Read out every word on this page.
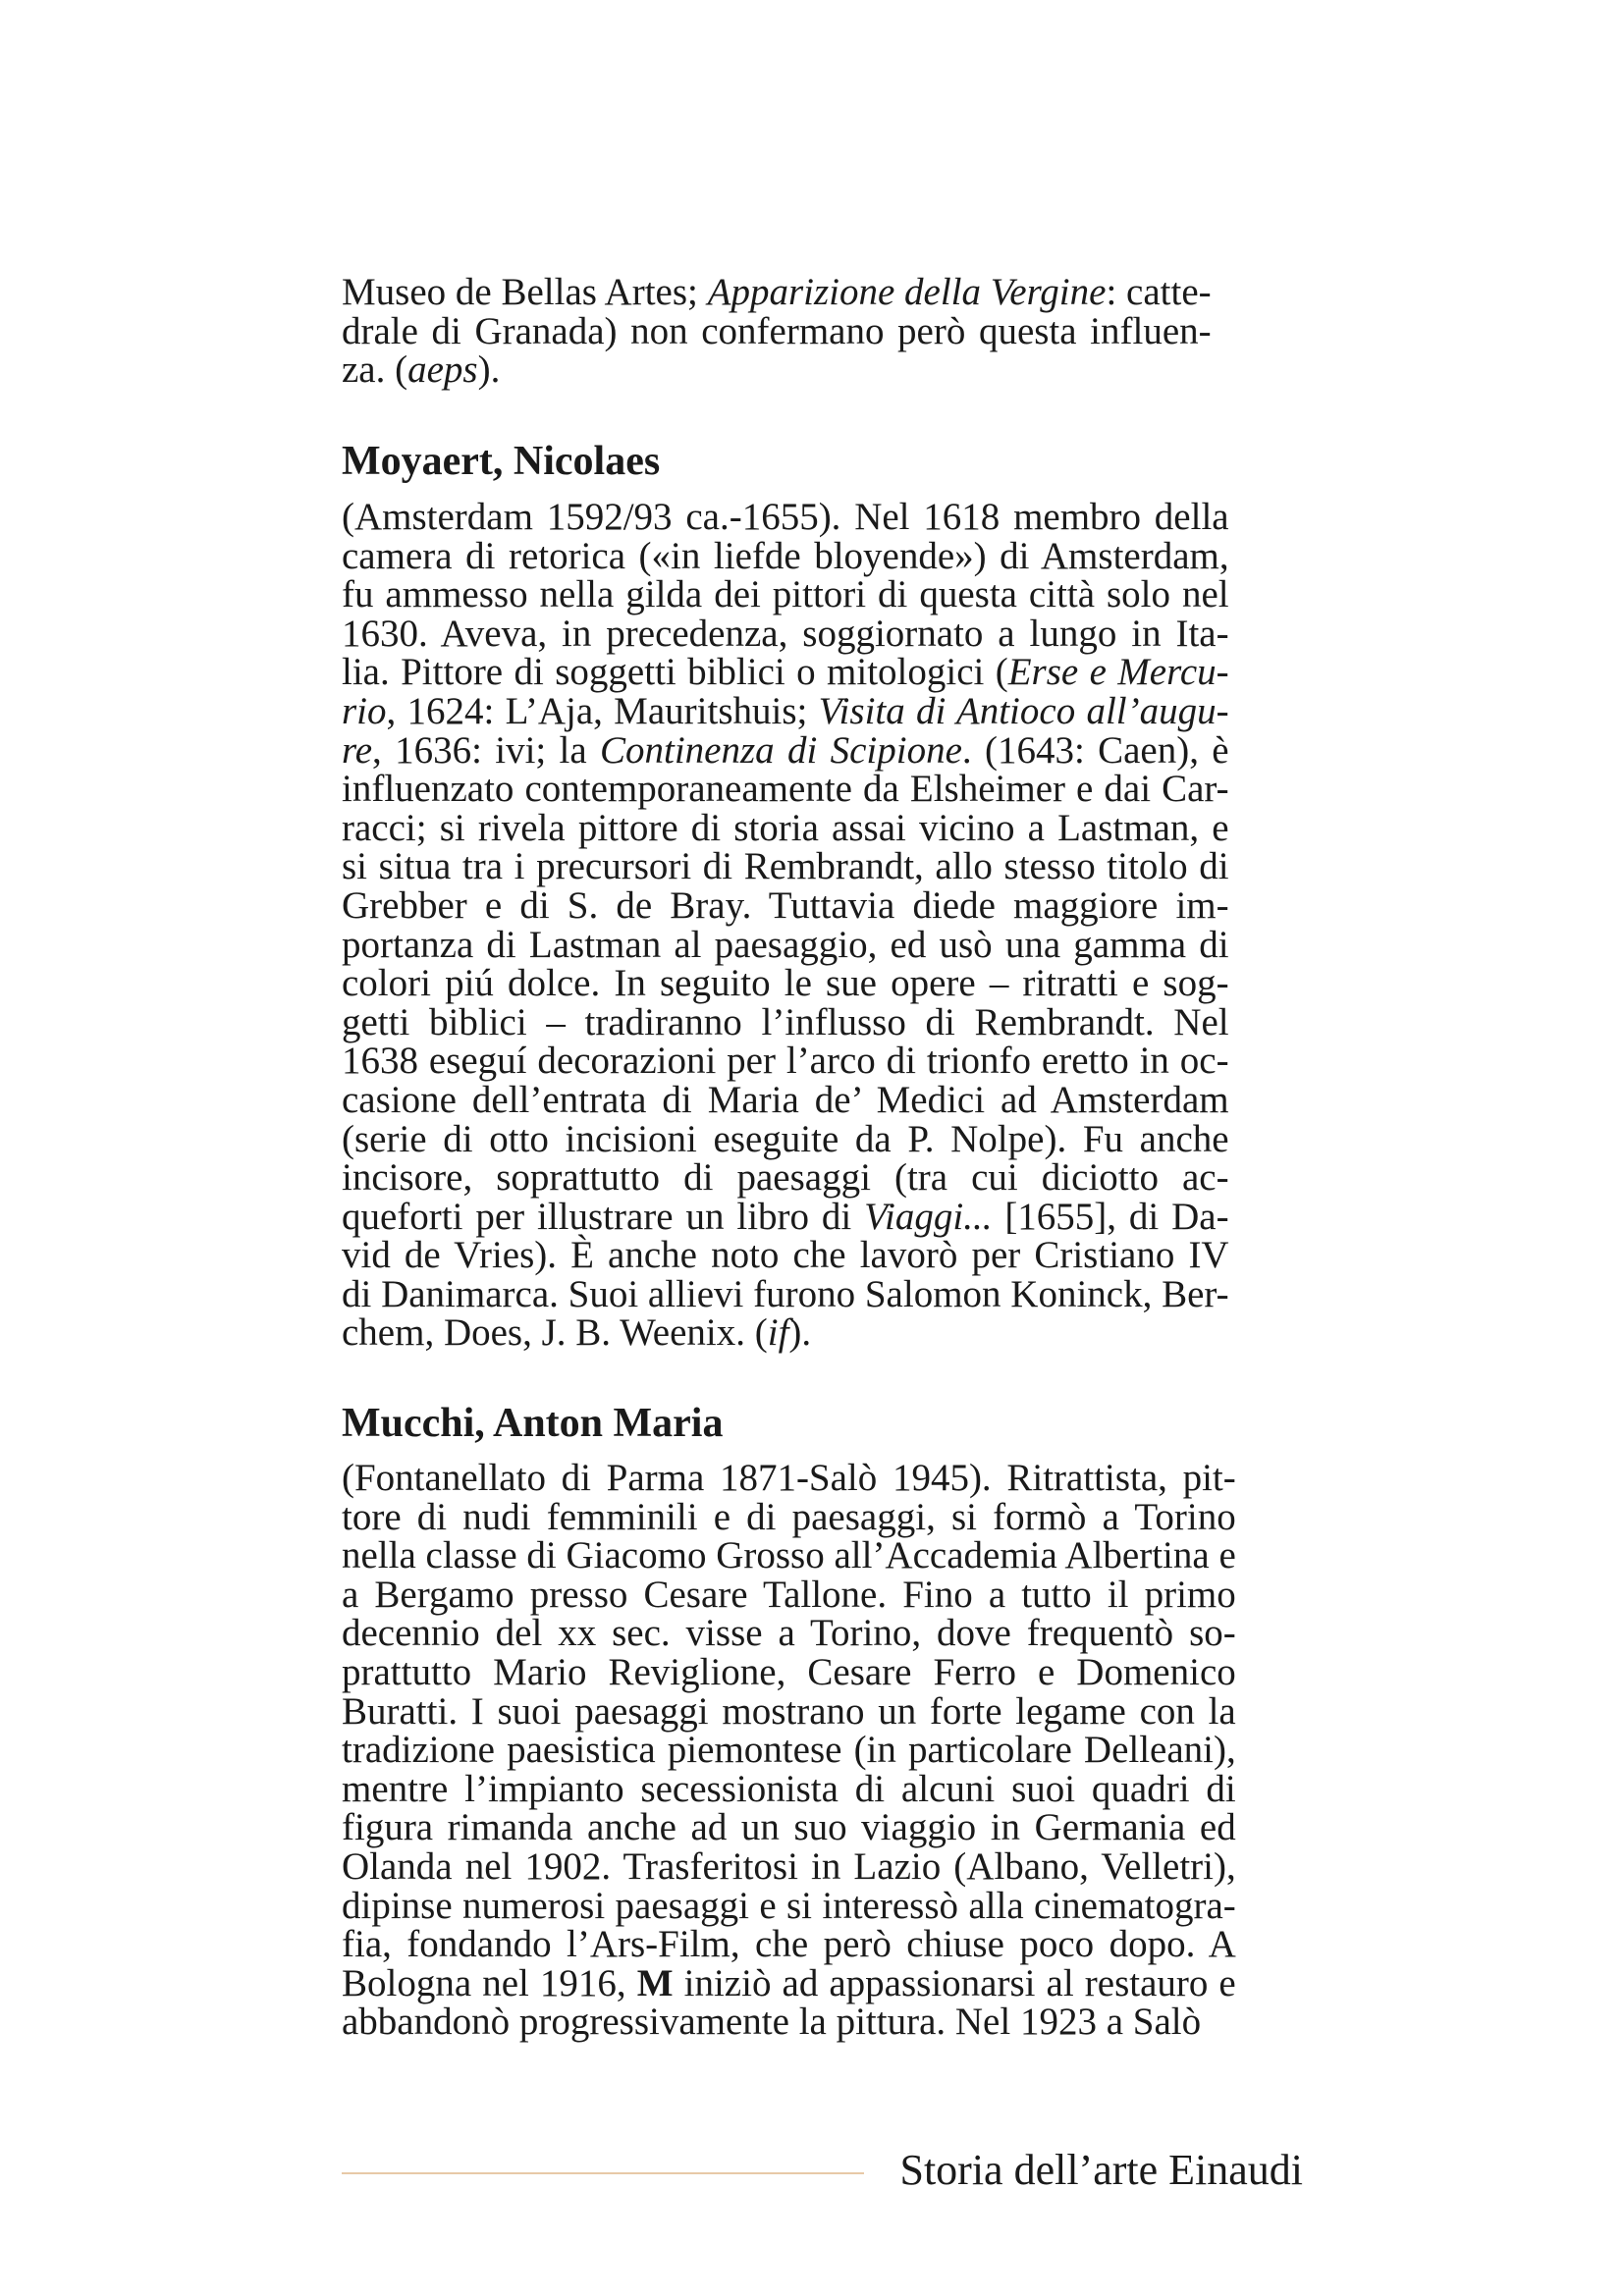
Museo de Bellas Artes; Apparizione della Vergine: catte-
drale di Granada) non confermano però questa influen-
za. (aeps).
Moyaert, Nicolaes
(Amsterdam 1592/93 ca.-1655). Nel 1618 membro della
camera di retorica («in liefde bloyende») di Amsterdam,
fu ammesso nella gilda dei pittori di questa città solo nel
1630. Aveva, in precedenza, soggiornato a lungo in Ita-
lia. Pittore di soggetti biblici o mitologici (Erse e Mercu-
rio, 1624: L’Aja, Mauritshuis; Visita di Antioco all’augu-
re, 1636: ivi; la Continenza di Scipione. (1643: Caen), è
influenzato contemporaneamente da Elsheimer e dai Car-
racci; si rivela pittore di storia assai vicino a Lastman, e
si situa tra i precursori di Rembrandt, allo stesso titolo di
Grebber e di S. de Bray. Tuttavia diede maggiore im-
portanza di Lastman al paesaggio, ed usò una gamma di
colori piú dolce. In seguito le sue opere – ritratti e sog-
getti biblici – tradiranno l’influsso di Rembrandt. Nel
1638 eseguí decorazioni per l’arco di trionfo eretto in oc-
casione dell’entrata di Maria de’ Medici ad Amsterdam
(serie di otto incisioni eseguite da P. Nolpe). Fu anche
incisore, soprattutto di paesaggi (tra cui diciotto ac-
queforti per illustrare un libro di Viaggi... [1655], di Da-
vid de Vries). È anche noto che lavorò per Cristiano IV
di Danimarca. Suoi allievi furono Salomon Koninck, Ber-
chem, Does, J. B. Weenix. (if).
Mucchi, Anton Maria
(Fontanellato di Parma 1871-Salò 1945). Ritrattista, pit-
tore di nudi femminili e di paesaggi, si formò a Torino
nella classe di Giacomo Grosso all’Accademia Albertina e
a Bergamo presso Cesare Tallone. Fino a tutto il primo
decennio del xx sec. visse a Torino, dove frequentò so-
prattutto Mario Reviglione, Cesare Ferro e Domenico
Buratti. I suoi paesaggi mostrano un forte legame con la
tradizione paesistica piemontese (in particolare Delleani),
mentre l’impianto secessionista di alcuni suoi quadri di
figura rimanda anche ad un suo viaggio in Germania ed
Olanda nel 1902. Trasferitosi in Lazio (Albano, Velletri),
dipinse numerosi paesaggi e si interessò alla cinematogra-
fia, fondando l’Ars-Film, che però chiuse poco dopo. A
Bologna nel 1916, M iniziò ad appassionarsi al restauro e
abbandonò progressivamente la pittura. Nel 1923 a Salò
Storia dell’arte Einaudi
